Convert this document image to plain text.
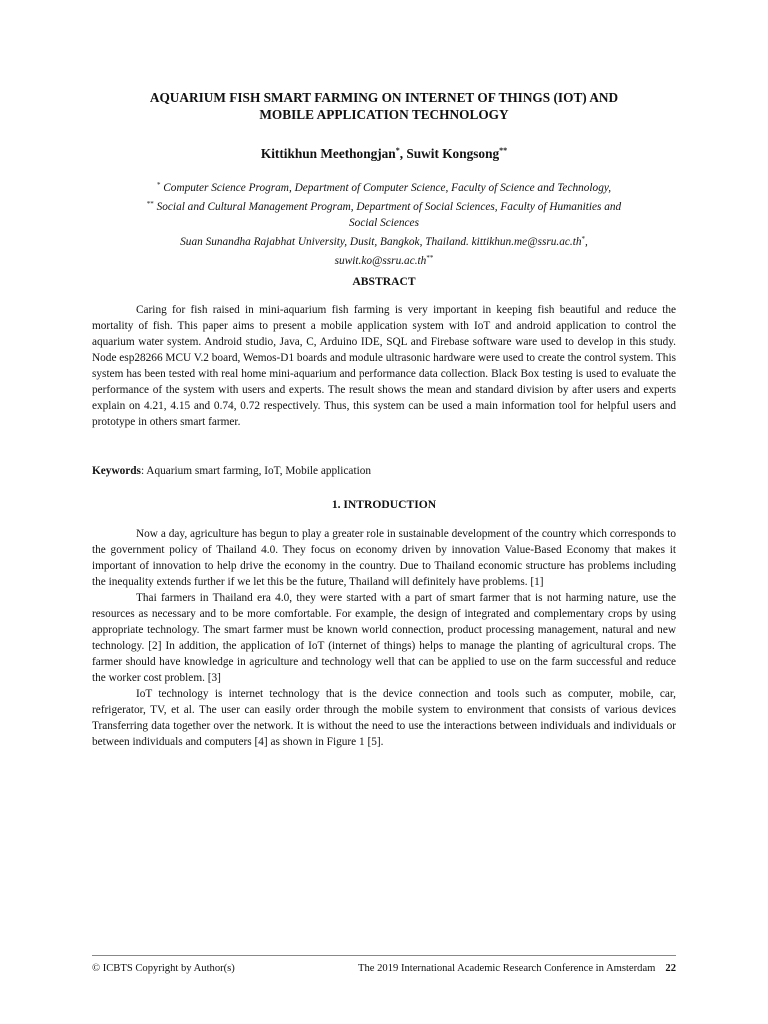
AQUARIUM FISH SMART FARMING ON INTERNET OF THINGS (IOT) AND
MOBILE APPLICATION TECHNOLOGY
Kittikhun Meethongjan*, Suwit Kongsong**
* Computer Science Program, Department of Computer Science, Faculty of Science and Technology,
** Social and Cultural Management Program, Department of Social Sciences, Faculty of Humanities and
Social Sciences
Suan Sunandha Rajabhat University, Dusit, Bangkok, Thailand. kittikhun.me@ssru.ac.th*,
suwit.ko@ssru.ac.th**
ABSTRACT

Caring for fish raised in mini-aquarium fish farming is very important in keeping fish beautiful and reduce the mortality of fish. This paper aims to present a mobile application system with IoT and android application to control the aquarium water system. Android studio, Java, C, Arduino IDE, SQL and Firebase software ware used to develop in this study. Node esp28266 MCU V.2 board, Wemos-D1 boards and module ultrasonic hardware were used to create the control system. This system has been tested with real home mini-aquarium and performance data collection. Black Box testing is used to evaluate the performance of the system with users and experts. The result shows the mean and standard division by after users and experts explain on 4.21, 4.15 and 0.74, 0.72 respectively. Thus, this system can be used a main information tool for helpful users and prototype in others smart farmer.

Keywords: Aquarium smart farming, IoT, Mobile application
1. INTRODUCTION

Now a day, agriculture has begun to play a greater role in sustainable development of the country which corresponds to the government policy of Thailand 4.0. They focus on economy driven by innovation Value-Based Economy that makes it important of innovation to help drive the economy in the country. Due to Thailand economic structure has problems including the inequality extends further if we let this be the future, Thailand will definitely have problems. [1]

Thai farmers in Thailand era 4.0, they were started with a part of smart farmer that is not harming nature, use the resources as necessary and to be more comfortable. For example, the design of integrated and complementary crops by using appropriate technology. The smart farmer must be known world connection, product processing management, natural and new technology. [2] In addition, the application of IoT (internet of things) helps to manage the planting of agricultural crops. The farmer should have knowledge in agriculture and technology well that can be applied to use on the farm successful and reduce the worker cost problem. [3]

IoT technology is internet technology that is the device connection and tools such as computer, mobile, car, refrigerator, TV, et al. The user can easily order through the mobile system to environment that consists of various devices Transferring data together over the network. It is without the need to use the interactions between individuals and individuals or between individuals and computers [4] as shown in Figure 1 [5].

© ICBTS Copyright by Author(s)	The 2019 International Academic Research Conference in Amsterdam 22
